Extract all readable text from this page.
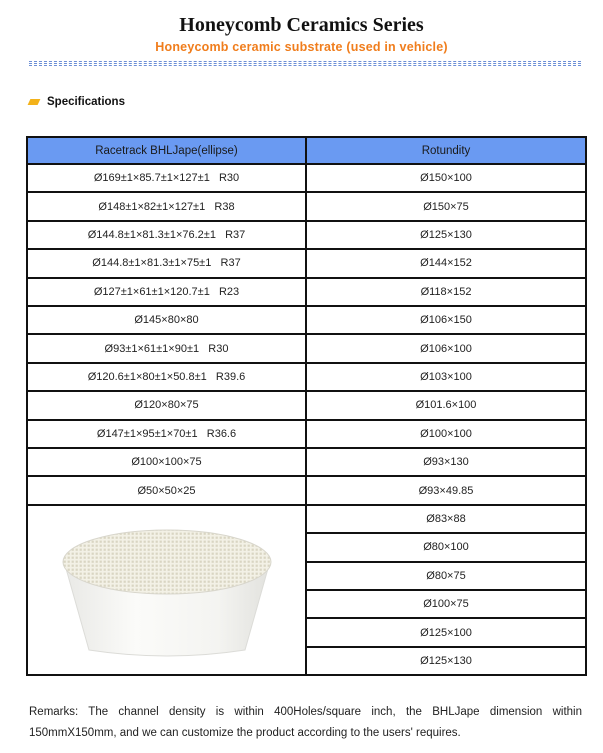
Honeycomb Ceramics Series
Honeycomb ceramic substrate (used in vehicle)
Specifications
Racetrack BHLJape(ellipse)	Rotundity
Ø169±1×85.7±1×127±1   R30
Ø148±1×82±1×127±1   R38
Ø144.8±1×81.3±1×76.2±1   R37
Ø144.8±1×81.3±1×75±1   R37
Ø127±1×61±1×120.7±1   R23
Ø145×80×80
Ø93±1×61±1×90±1   R30
Ø120.6±1×80±1×50.8±1   R39.6
Ø120×80×75
Ø147±1×95±1×70±1   R36.6
Ø100×100×75
Ø50×50×25
Ø150×100
Ø150×75
Ø125×130
Ø144×152
Ø118×152
Ø106×150
Ø106×100
Ø103×100
Ø101.6×100
Ø100×100
Ø93×130
Ø93×49.85
Ø83×88
Ø80×100
Ø80×75
Ø100×75
Ø125×100
Ø125×130
Remarks: The channel density is within 400Holes/square inch, the BHLJape dimension within 150mmX150mm, and we can customize the product according to the users' requires.
